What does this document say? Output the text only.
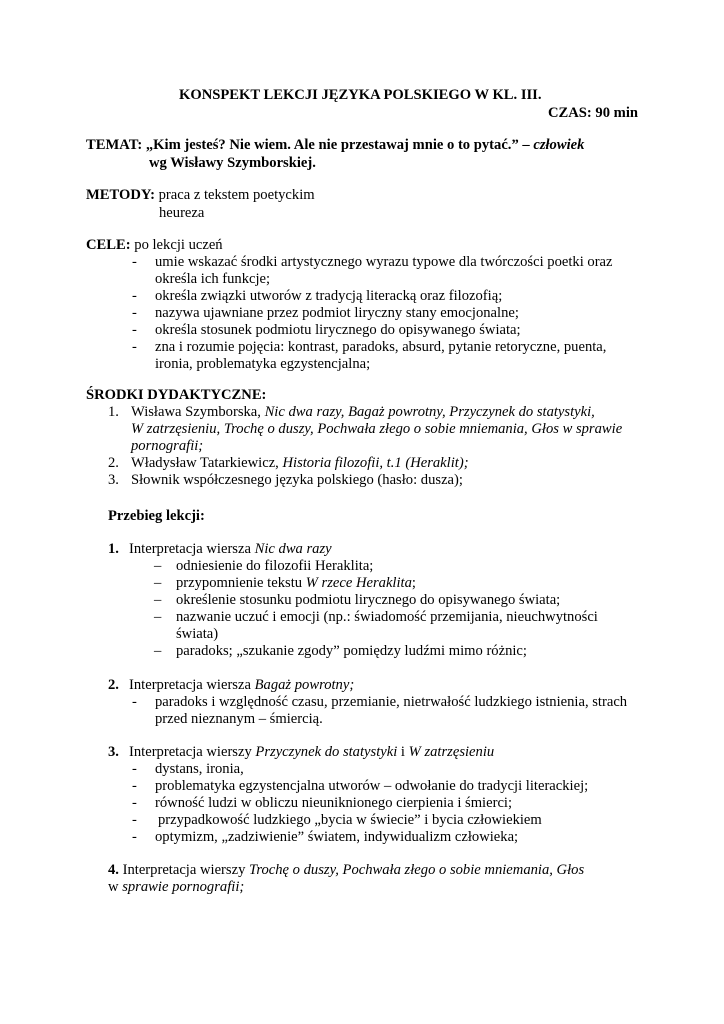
KONSPEKT LEKCJI JĘZYKA POLSKIEGO W KL. III.
CZAS: 90 min
TEMAT: „Kim jesteś? Nie wiem. Ale nie przestawaj mnie o to pytać.” – człowiek
wg Wisławy Szymborskiej.
METODY: praca z tekstem poetyckim
heureza
CELE: po lekcji uczeń
- umie wskazać środki artystycznego wyrazu typowe dla twórczości poetki oraz
określa ich funkcje;
- określa związki utworów z tradycją literacką oraz filozofią;
- nazywa ujawniane przez podmiot liryczny stany emocjonalne;
- określa stosunek podmiotu lirycznego do opisywanego świata;
- zna i rozumie pojęcia: kontrast, paradoks, absurd, pytanie retoryczne, puenta,
ironia, problematyka egzystencjalna;
ŚRODKI DYDAKTYCZNE:
1. Wisława Szymborska, Nic dwa razy, Bagaż powrotny, Przyczynek do statystyki,
W zatrzęsieniu, Trochę o duszy, Pochwała złego o sobie mniemania, Głos w sprawie
pornografii;
2. Władysław Tatarkiewicz, Historia filozofii, t.1 (Heraklit);
3. Słownik współczesnego języka polskiego (hasło: dusza);
Przebieg lekcji:
1. Interpretacja wiersza Nic dwa razy
– odniesienie do filozofii Heraklita;
– przypomnienie tekstu W rzece Heraklita;
– określenie stosunku podmiotu lirycznego do opisywanego świata;
– nazwanie uczuć i emocji (np.: świadomość przemijania, nieuchwytności
świata)
– paradoks; „szukanie zgody” pomiędzy ludźmi mimo różnic;
2. Interpretacja wiersza Bagaż powrotny;
- paradoks i względność czasu, przemianie, nietrwałość ludzkiego istnienia, strach
przed nieznanym – śmiercią.
3. Interpretacja wierszy Przyczynek do statystyki i W zatrzęsieniu
- dystans, ironia,
- problematyka egzystencjalna utworów – odwołanie do tradycji literackiej;
- równość ludzi w obliczu nieuniknionego cierpienia i śmierci;
- przypadkowość ludzkiego „bycia w świecie” i bycia człowiekiem
- optymizm, „zadziwienie” światem, indywidualizm człowieka;
4. Interpretacja wierszy Trochę o duszy, Pochwała złego o sobie mniemania, Głos
w sprawie pornografii;
